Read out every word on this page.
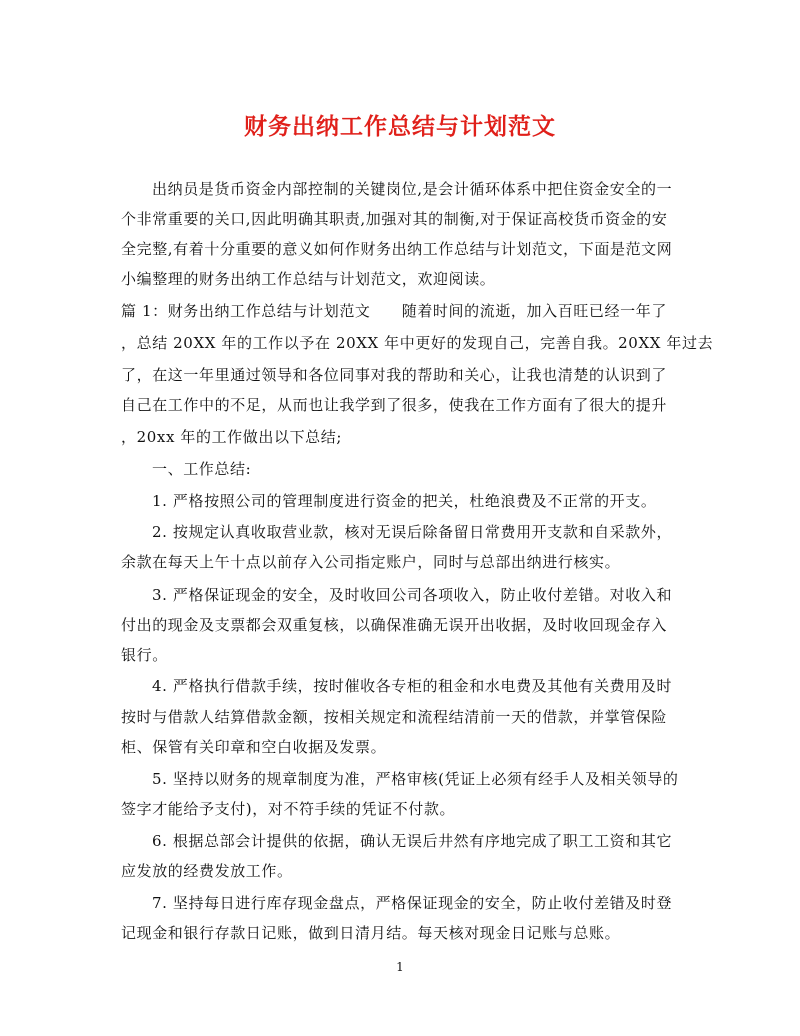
财务出纳工作总结与计划范文
出纳员是货币资金内部控制的关键岗位,是会计循环体系中把住资金安全的一
个非常重要的关口,因此明确其职责,加强对其的制衡,对于保证高校货币资金的安
全完整,有着十分重要的意义如何作财务出纳工作总结与计划范文，下面是范文网
小编整理的财务出纳工作总结与计划范文，欢迎阅读。
篇 1：财务出纳工作总结与计划范文　　随着时间的流逝，加入百旺已经一年了
，总结 20XX 年的工作以予在 20XX 年中更好的发现自己，完善自我。20XX 年过去
了，在这一年里通过领导和各位同事对我的帮助和关心，让我也清楚的认识到了
自己在工作中的不足，从而也让我学到了很多，使我在工作方面有了很大的提升
，20xx 年的工作做出以下总结;
一、工作总结:
1. 严格按照公司的管理制度进行资金的把关，杜绝浪费及不正常的开支。
2. 按规定认真收取营业款，核对无误后除备留日常费用开支款和自采款外，
余款在每天上午十点以前存入公司指定账户，同时与总部出纳进行核实。
3. 严格保证现金的安全，及时收回公司各项收入，防止收付差错。对收入和
付出的现金及支票都会双重复核，以确保准确无误开出收据，及时收回现金存入
银行。
4. 严格执行借款手续，按时催收各专柜的租金和水电费及其他有关费用及时
按时与借款人结算借款金额，按相关规定和流程结清前一天的借款，并掌管保险
柜、保管有关印章和空白收据及发票。
5. 坚持以财务的规章制度为准，严格审核(凭证上必须有经手人及相关领导的
签字才能给予支付)，对不符手续的凭证不付款。
6. 根据总部会计提供的依据，确认无误后井然有序地完成了职工工资和其它
应发放的经费发放工作。
7. 坚持每日进行库存现金盘点，严格保证现金的安全，防止收付差错及时登
记现金和银行存款日记账，做到日清月结。每天核对现金日记账与总账。
1
